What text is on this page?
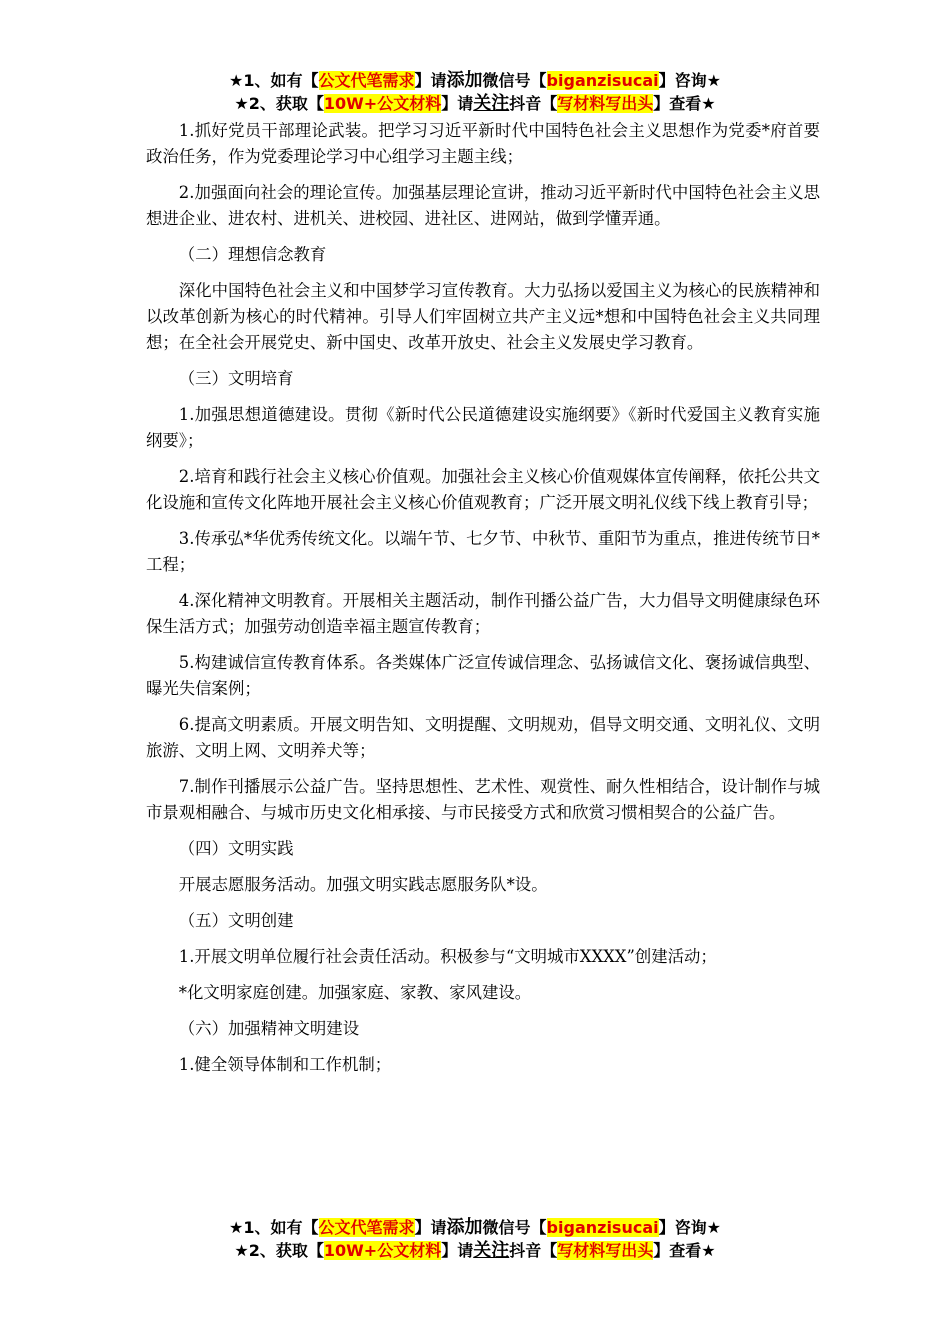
★1、如有【公文代笔需求】请添加微信号【biganzisucai】咨询★
★2、获取【10W+公文材料】请关注抖音【写材料写出头】查看★

1.抓好党员干部理论武装。把学习习近平新时代中国特色社会主义思想作为党委*府首要政治任务，作为党委理论学习中心组学习主题主线；

2.加强面向社会的理论宣传。加强基层理论宣讲，推动习近平新时代中国特色社会主义思想进企业、进农村、进机关、进校园、进社区、进网站，做到学懂弄通。

（二）理想信念教育

深化中国特色社会主义和中国梦学习宣传教育。大力弘扬以爱国主义为核心的民族精神和以改革创新为核心的时代精神。引导人们牢固树立共产主义远*想和中国特色社会主义共同理想；在全社会开展党史、新中国史、改革开放史、社会主义发展史学习教育。

（三）文明培育

1.加强思想道德建设。贯彻《新时代公民道德建设实施纲要》《新时代爱国主义教育实施纲要》；

2.培育和践行社会主义核心价值观。加强社会主义核心价值观媒体宣传阐释，依托公共文化设施和宣传文化阵地开展社会主义核心价值观教育；广泛开展文明礼仪线下线上教育引导；

3.传承弘*华优秀传统文化。以端午节、七夕节、中秋节、重阳节为重点，推进传统节日*工程；

4.深化精神文明教育。开展相关主题活动，制作刊播公益广告，大力倡导文明健康绿色环保生活方式；加强劳动创造幸福主题宣传教育；

5.构建诚信宣传教育体系。各类媒体广泛宣传诚信理念、弘扬诚信文化、褒扬诚信典型、曝光失信案例；

6.提高文明素质。开展文明告知、文明提醒、文明规劝，倡导文明交通、文明礼仪、文明旅游、文明上网、文明养犬等；

7.制作刊播展示公益广告。坚持思想性、艺术性、观赏性、耐久性相结合，设计制作与城市景观相融合、与城市历史文化相承接、与市民接受方式和欣赏习惯相契合的公益广告。

（四）文明实践

开展志愿服务活动。加强文明实践志愿服务队*设。

（五）文明创建

1.开展文明单位履行社会责任活动。积极参与“文明城市XXXX”创建活动；

*化文明家庭创建。加强家庭、家教、家风建设。

（六）加强精神文明建设

1.健全领导体制和工作机制；

★1、如有【公文代笔需求】请添加微信号【biganzisucai】咨询★
★2、获取【10W+公文材料】请关注抖音【写材料写出头】查看★
